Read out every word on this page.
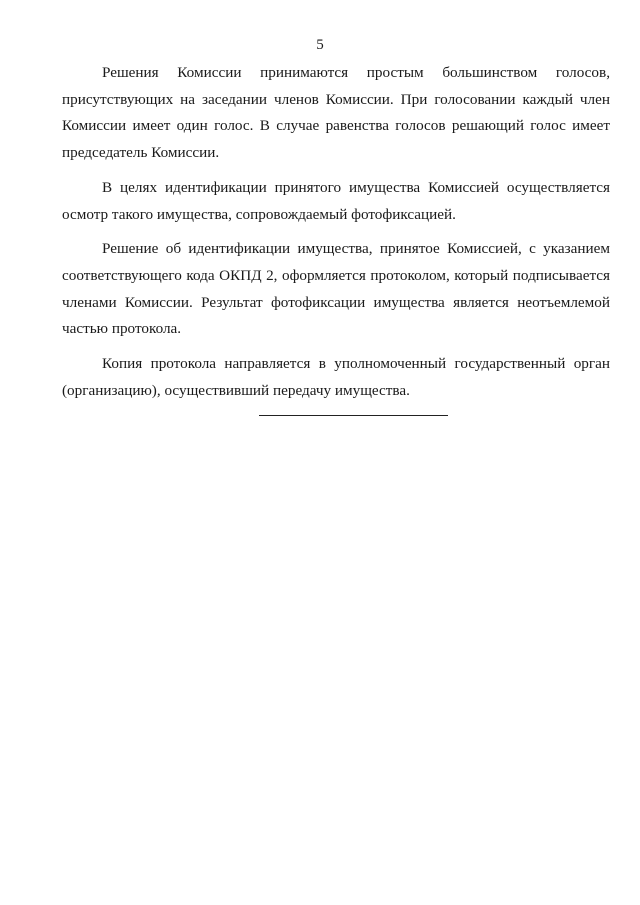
5

Решения Комиссии принимаются простым большинством голосов, присутствующих на заседании членов Комиссии. При голосовании каждый член Комиссии имеет один голос. В случае равенства голосов решающий голос имеет председатель Комиссии.

В целях идентификации принятого имущества Комиссией осуществляется осмотр такого имущества, сопровождаемый фотофиксацией.

Решение об идентификации имущества, принятое Комиссией, с указанием соответствующего кода ОКПД 2, оформляется протоколом, который подписывается членами Комиссии. Результат фотофиксации имущества является неотъемлемой частью протокола.

Копия протокола направляется в уполномоченный государственный орган (организацию), осуществивший передачу имущества.
